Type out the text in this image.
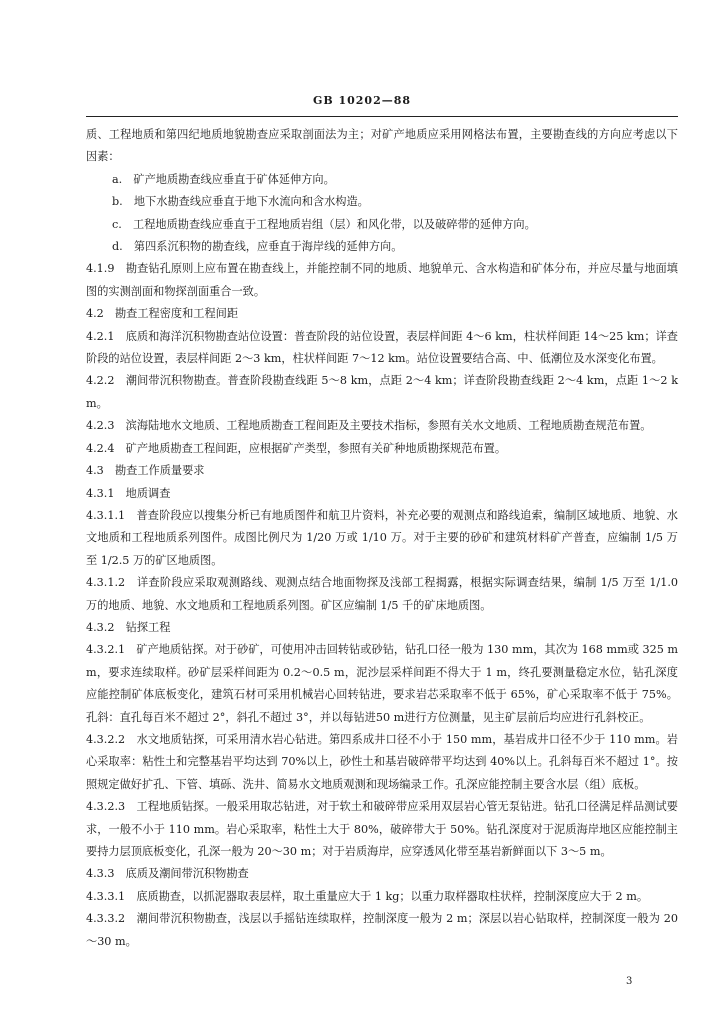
GB 10202—88

质、工程地质和第四纪地质地貌勘查应采取剖面法为主；对矿产地质应采用网格法布置，主要勘查线的方向应考虑以下因素：

a.　矿产地质勘查线应垂直于矿体延伸方向。

b.　地下水勘查线应垂直于地下水流向和含水构造。

c.　工程地质勘查线应垂直于工程地质岩组（层）和风化带，以及破碎带的延伸方向。

d.　第四系沉积物的勘查线，应垂直于海岸线的延伸方向。

4.1.9　勘查钻孔原则上应布置在勘查线上，并能控制不同的地质、地貌单元、含水构造和矿体分布，并应尽量与地面填图的实测剖面和物探剖面重合一致。

4.2　勘查工程密度和工程间距

4.2.1　底质和海洋沉积物勘查站位设置：普查阶段的站位设置，表层样间距 4～6 km，柱状样间距 14～25 km；详查阶段的站位设置，表层样间距 2～3 km，柱状样间距 7～12 km。站位设置要结合高、中、低潮位及水深变化布置。

4.2.2　潮间带沉积物勘查。普查阶段勘查线距 5～8 km，点距 2～4 km；详查阶段勘查线距 2～4 km，点距 1～2 km。

4.2.3　滨海陆地水文地质、工程地质勘查工程间距及主要技术指标，参照有关水文地质、工程地质勘查规范布置。

4.2.4　矿产地质勘查工程间距，应根据矿产类型，参照有关矿种地质勘探规范布置。

4.3　勘查工作质量要求

4.3.1　地质调查

4.3.1.1　普查阶段应以搜集分析已有地质图件和航卫片资料，补充必要的观测点和路线追索，编制区域地质、地貌、水文地质和工程地质系列图件。成图比例尺为 1/20 万或 1/10 万。对于主要的砂矿和建筑材料矿产普查，应编制 1/5 万至 1/2.5 万的矿区地质图。

4.3.1.2　详查阶段应采取观测路线、观测点结合地面物探及浅部工程揭露，根据实际调查结果，编制 1/5 万至 1/1.0 万的地质、地貌、水文地质和工程地质系列图。矿区应编制 1/5 千的矿床地质图。

4.3.2　钻探工程

4.3.2.1　矿产地质钻探。对于砂矿，可使用冲击回转钻或砂钻，钻孔口径一般为 130 mm，其次为 168 mm或 325 mm，要求连续取样。砂矿层采样间距为 0.2～0.5 m，泥沙层采样间距不得大于 1 m，终孔要测量稳定水位，钻孔深度应能控制矿体底板变化，建筑石材可采用机械岩心回转钻进，要求岩芯采取率不低于 65%，矿心采取率不低于 75%。孔斜：直孔每百米不超过 2°，斜孔不超过 3°，并以每钻进50 m进行方位测量，见主矿层前后均应进行孔斜校正。

4.3.2.2　水文地质钻探，可采用清水岩心钻进。第四系成井口径不小于 150 mm，基岩成井口径不少于 110 mm。岩心采取率：粘性土和完整基岩平均达到 70%以上，砂性土和基岩破碎带平均达到 40%以上。孔斜每百米不超过 1°。按照规定做好扩孔、下管、填砾、洗井、简易水文地质观测和现场编录工作。孔深应能控制主要含水层（组）底板。

4.3.2.3　工程地质钻探。一般采用取芯钻进，对于软土和破碎带应采用双层岩心管无泵钻进。钻孔口径满足样品测试要求，一般不小于 110 mm。岩心采取率，粘性土大于 80%，破碎带大于 50%。钻孔深度对于泥质海岸地区应能控制主要持力层顶底板变化，孔深一般为 20～30 m；对于岩质海岸，应穿透风化带至基岩新鲜面以下 3～5 m。

4.3.3　底质及潮间带沉积物勘查

4.3.3.1　底质勘查，以抓泥器取表层样，取土重量应大于 1 kg；以重力取样器取柱状样，控制深度应大于 2 m。

4.3.3.2　潮间带沉积物勘查，浅层以手摇钻连续取样，控制深度一般为 2 m；深层以岩心钻取样，控制深度一般为 20～30 m。

3
